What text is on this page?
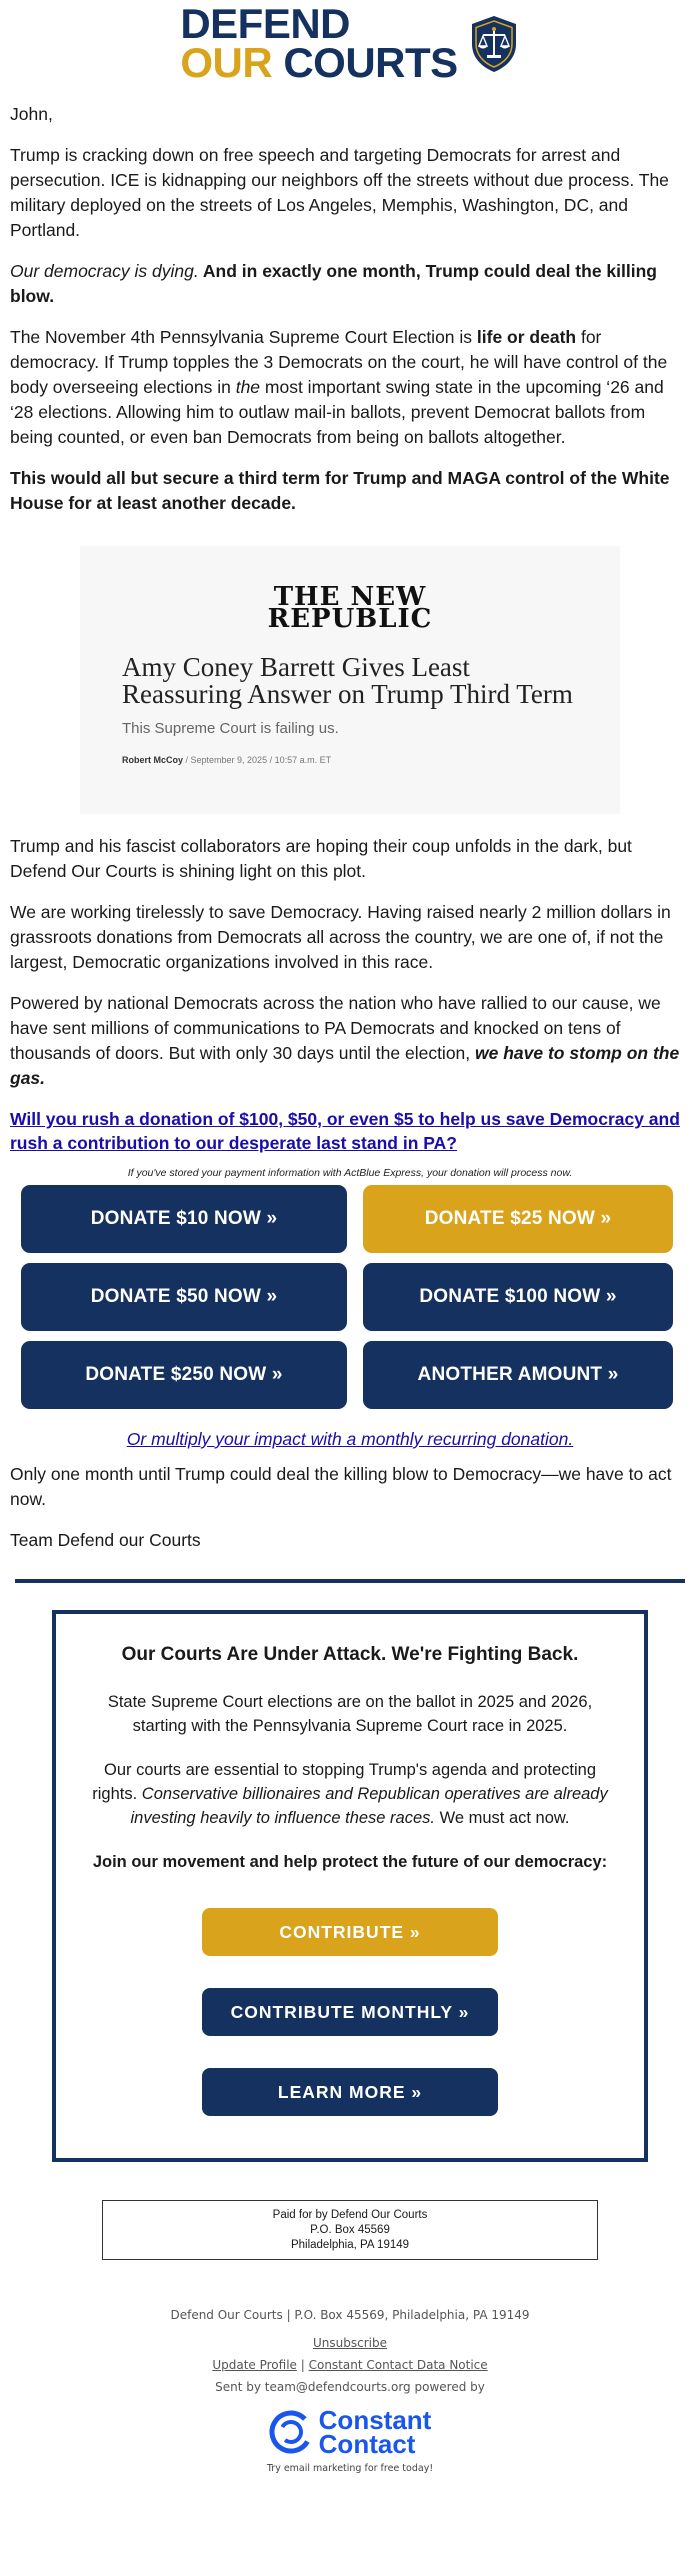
DEFEND
OUR COURTS

John,

Trump is cracking down on free speech and targeting Democrats for arrest and persecution. ICE is kidnapping our neighbors off the streets without due process. The military deployed on the streets of Los Angeles, Memphis, Washington, DC, and Portland.

Our democracy is dying. And in exactly one month, Trump could deal the killing blow.

The November 4th Pennsylvania Supreme Court Election is life or death for democracy. If Trump topples the 3 Democrats on the court, he will have control of the body overseeing elections in the most important swing state in the upcoming ‘26 and ‘28 elections. Allowing him to outlaw mail-in ballots, prevent Democrat ballots from being counted, or even ban Democrats from being on ballots altogether.

This would all but secure a third term for Trump and MAGA control of the White House for at least another decade.

THE NEW
REPUBLIC
Amy Coney Barrett Gives Least Reassuring Answer on Trump Third Term
This Supreme Court is failing us.
Robert McCoy / September 9, 2025 / 10:57 a.m. ET

Trump and his fascist collaborators are hoping their coup unfolds in the dark, but Defend Our Courts is shining light on this plot.

We are working tirelessly to save Democracy. Having raised nearly 2 million dollars in grassroots donations from Democrats all across the country, we are one of, if not the largest, Democratic organizations involved in this race.

Powered by national Democrats across the nation who have rallied to our cause, we have sent millions of communications to PA Democrats and knocked on tens of thousands of doors. But with only 30 days until the election, we have to stomp on the gas.

Will you rush a donation of $100, $50, or even $5 to help us save Democracy and rush a contribution to our desperate last stand in PA?

If you've stored your payment information with ActBlue Express, your donation will process now.

DONATE $10 NOW »	DONATE $25 NOW »
DONATE $50 NOW »	DONATE $100 NOW »
DONATE $250 NOW »	ANOTHER AMOUNT »
Or multiply your impact with a monthly recurring donation.

Only one month until Trump could deal the killing blow to Democracy—we have to act now.

Team Defend our Courts

Our Courts Are Under Attack. We're Fighting Back.

State Supreme Court elections are on the ballot in 2025 and 2026, starting with the Pennsylvania Supreme Court race in 2025.

Our courts are essential to stopping Trump's agenda and protecting rights. Conservative billionaires and Republican operatives are already investing heavily to influence these races. We must act now.

Join our movement and help protect the future of our democracy:

CONTRIBUTE »
CONTRIBUTE MONTHLY »
LEARN MORE »
Paid for by Defend Our Courts
P.O. Box 45569
Philadelphia, PA 19149
Defend Our Courts | P.O. Box 45569, Philadelphia, PA 19149
Unsubscribe
Update Profile | Constant Contact Data Notice
Sent by team@defendcourts.org powered by
Constant
Contact
Try email marketing for free today!
